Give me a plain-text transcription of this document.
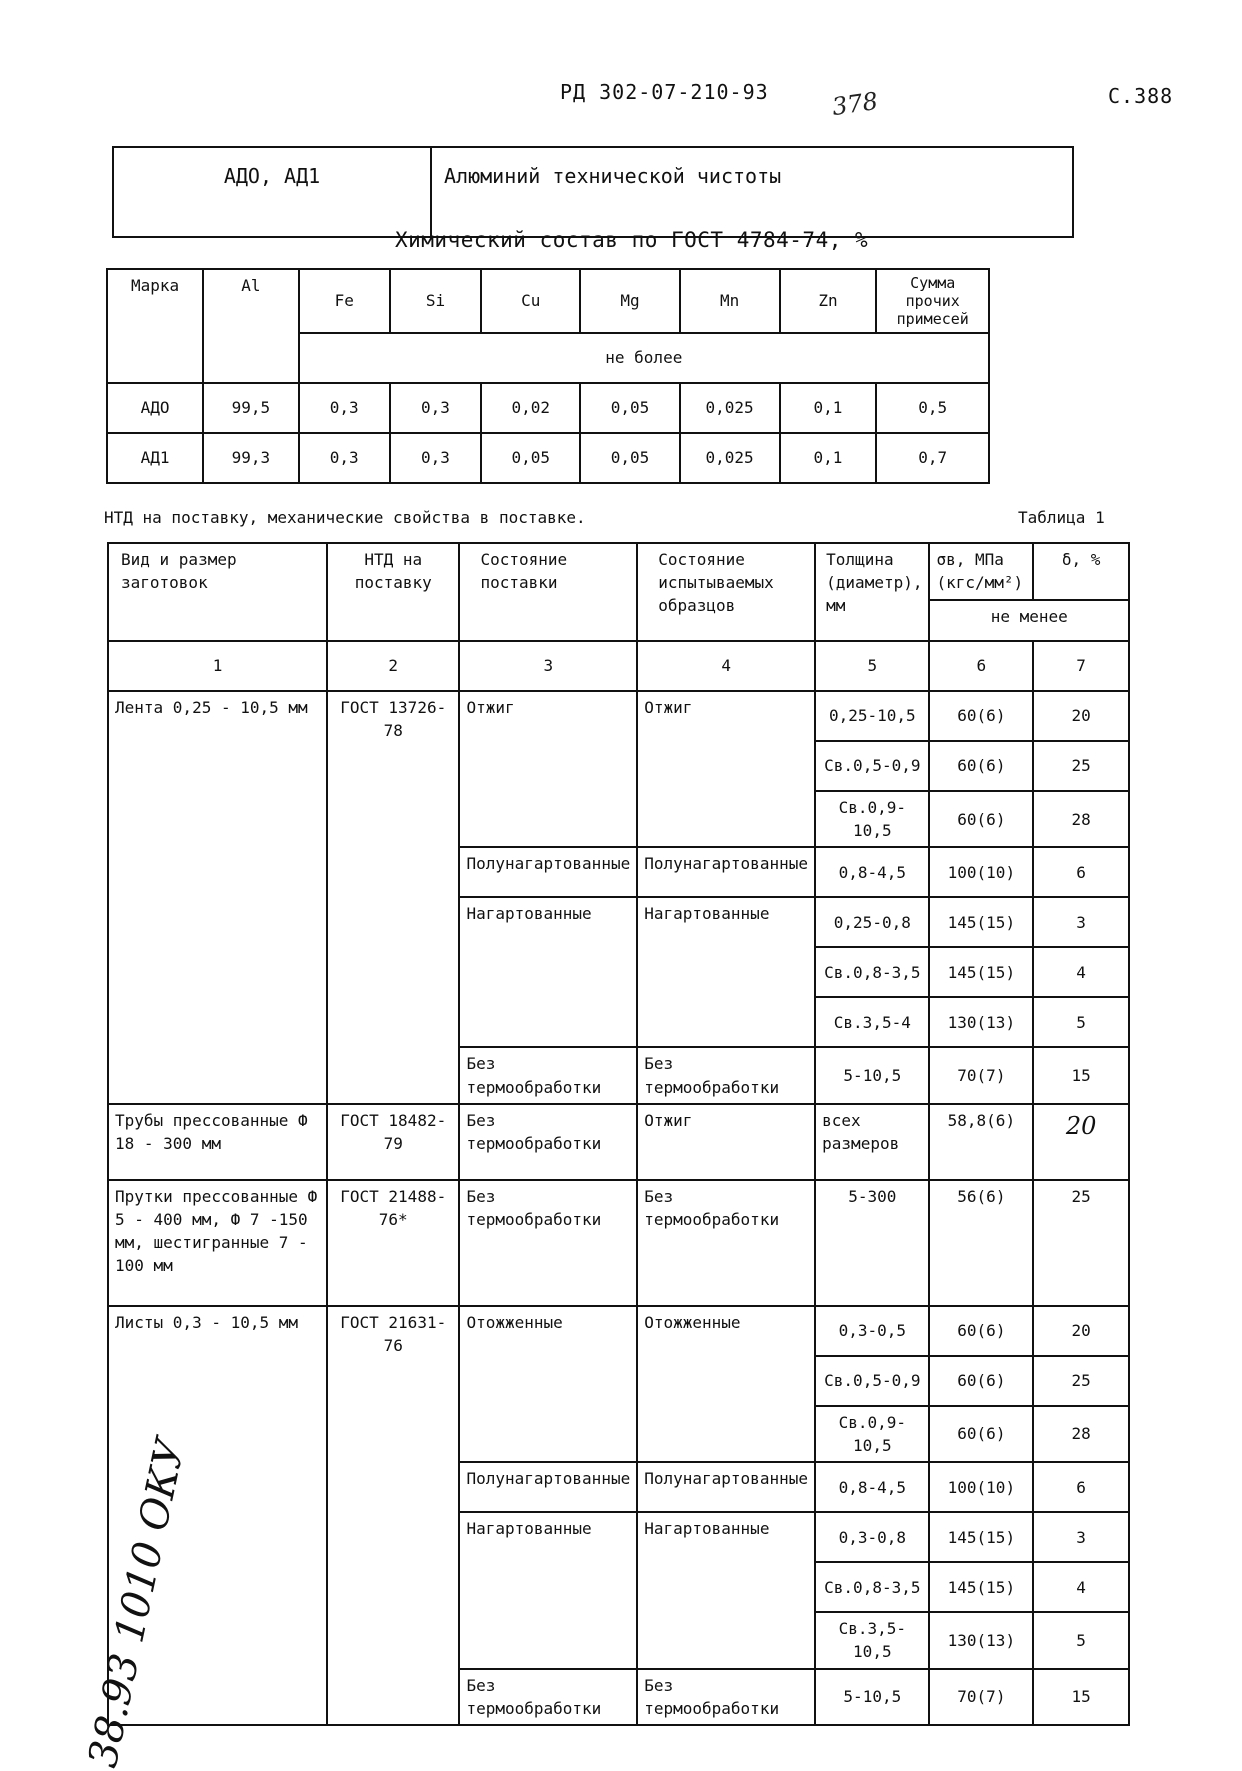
РД 302-07-210-93	378	С.388
АДО, АД1	Алюминий технической чистоты
Химический состав по ГОСТ 4784-74, %
Марка	Al	Fe	Si	Cu	Mg	Mn	Zn	Сумма прочих примесей
		не более						
АДО	99,5	0,3	0,3	0,02	0,05	0,025	0,1	0,5
АД1	99,3	0,3	0,3	0,05	0,05	0,025	0,1	0,7
НТД на поставку, механические свойства в поставке.	Таблица 1
Вид и размер заготовок	НТД на поставку	Состояние поставки	Состояние испытываемых образцов	Толщина (диаметр), мм	σв, МПа (кгс/мм²)	δ, %
					не менее	
1	2	3	4	5	6	7
Лента 0,25 - 10,5 мм	ГОСТ 13726-78	Отжиг	Отжиг	0,25-10,5	60(6)	20
				Св.0,5-0,9	60(6)	25
				Св.0,9-10,5	60(6)	28
		Полунагартованные	Полунагартованные	0,8-4,5	100(10)	6
		Нагартованные	Нагартованные	0,25-0,8	145(15)	3
				Св.0,8-3,5	145(15)	4
				Св.3,5-4	130(13)	5
		Без термообработки	Без термообработки	5-10,5	70(7)	15
Трубы прессованные Ф 18 - 300 мм	ГОСТ 18482-79	Без термообработки	Отжиг	всех размеров	58,8(6)	20
Прутки прессованные Ф 5 - 400 мм, Ф 7 -150 мм, шестигранные 7 - 100 мм	ГОСТ 21488-76*	Без термообработки	Без термообработки	5-300	56(6)	25
Листы 0,3 - 10,5 мм	ГОСТ 21631-76	Отожженные	Отожженные	0,3-0,5	60(6)	20
				Св.0,5-0,9	60(6)	25
				Св.0,9-10,5	60(6)	28
		Полунагартованные	Полунагартованные	0,8-4,5	100(10)	6
		Нагартованные	Нагартованные	0,3-0,8	145(15)	3
				Св.0,8-3,5	145(15)	4
				Св.3,5-10,5	130(13)	5
		Без термообработки	Без термообработки	5-10,5	70(7)	15
38.93 1010 ОКУ
